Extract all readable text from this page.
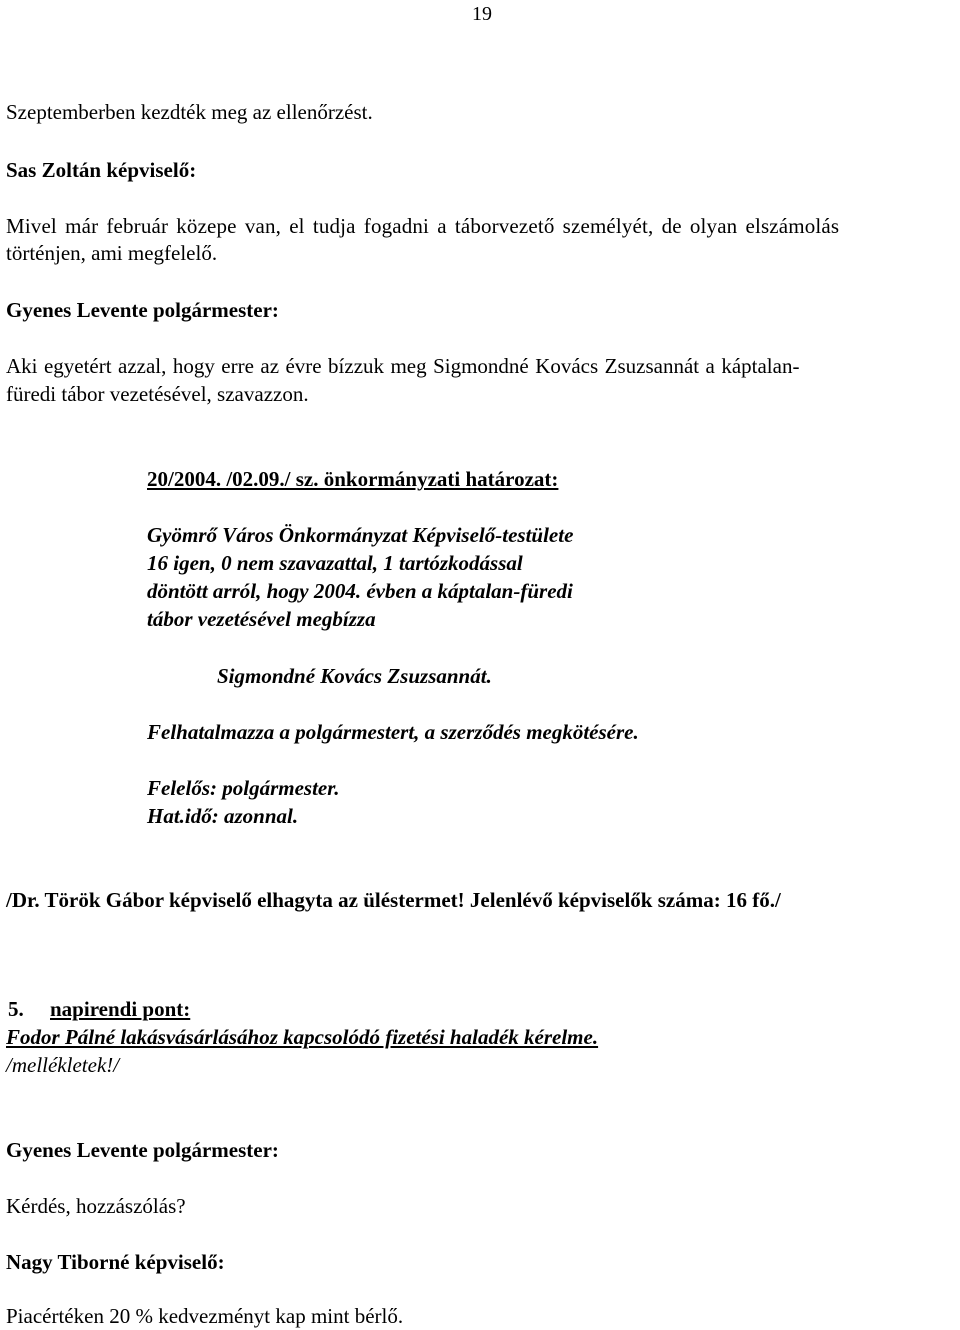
19

Szeptemberben kezdték meg az ellenőrzést.

Sas Zoltán képviselő:

Mivel már február közepe van, el tudja fogadni a táborvezető személyét, de olyan elszámolás

történjen, ami megfelelő.

Gyenes Levente polgármester:

Aki egyetért azzal, hogy erre az évre bízzuk meg Sigmondné Kovács Zsuzsannát a káptalan-

füredi tábor vezetésével, szavazzon.

20/2004. /02.09./ sz. önkormányzati határozat:

Gyömrő Város Önkormányzat Képviselő-testülete

16 igen, 0 nem szavazattal, 1 tartózkodással

döntött arról, hogy 2004. évben a káptalan-füredi

tábor vezetésével megbízza

Sigmondné Kovács Zsuzsannát.

Felhatalmazza a polgármestert, a szerződés megkötésére.

Felelős: polgármester.

Hat.idő: azonnal.

/Dr. Török Gábor képviselő elhagyta az üléstermet! Jelenlévő képviselők száma: 16 fő./

5. napirendi pont:

Fodor Pálné lakásvásárlásához kapcsolódó fizetési haladék kérelme.

/mellékletek!/

Gyenes Levente polgármester:

Kérdés, hozzászólás?

Nagy Tiborné képviselő:

Piacértéken 20 % kedvezményt kap mint bérlő.
